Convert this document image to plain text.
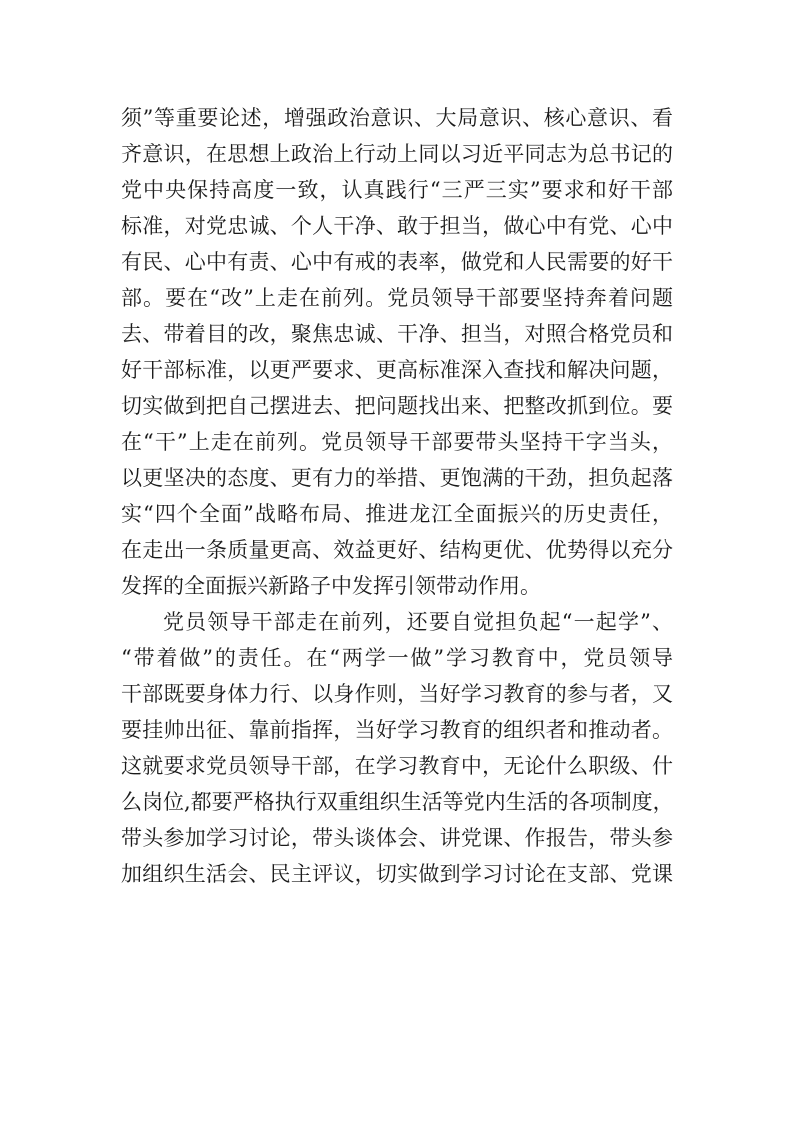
须”等重要论述，增强政治意识、大局意识、核心意识、看
齐意识，在思想上政治上行动上同以习近平同志为总书记的
党中央保持高度一致，认真践行“三严三实”要求和好干部
标准，对党忠诚、个人干净、敢于担当，做心中有党、心中
有民、心中有责、心中有戒的表率，做党和人民需要的好干
部。要在“改”上走在前列。党员领导干部要坚持奔着问题
去、带着目的改，聚焦忠诚、干净、担当，对照合格党员和
好干部标准，以更严要求、更高标准深入查找和解决问题，
切实做到把自己摆进去、把问题找出来、把整改抓到位。要
在“干”上走在前列。党员领导干部要带头坚持干字当头，
以更坚决的态度、更有力的举措、更饱满的干劲，担负起落
实“四个全面”战略布局、推进龙江全面振兴的历史责任，
在走出一条质量更高、效益更好、结构更优、优势得以充分
发挥的全面振兴新路子中发挥引领带动作用。
党员领导干部走在前列，还要自觉担负起“一起学”、
“带着做”的责任。在“两学一做”学习教育中，党员领导
干部既要身体力行、以身作则，当好学习教育的参与者，又
要挂帅出征、靠前指挥，当好学习教育的组织者和推动者。
这就要求党员领导干部，在学习教育中，无论什么职级、什
么岗位,都要严格执行双重组织生活等党内生活的各项制度，
带头参加学习讨论，带头谈体会、讲党课、作报告，带头参
加组织生活会、民主评议，切实做到学习讨论在支部、党课
